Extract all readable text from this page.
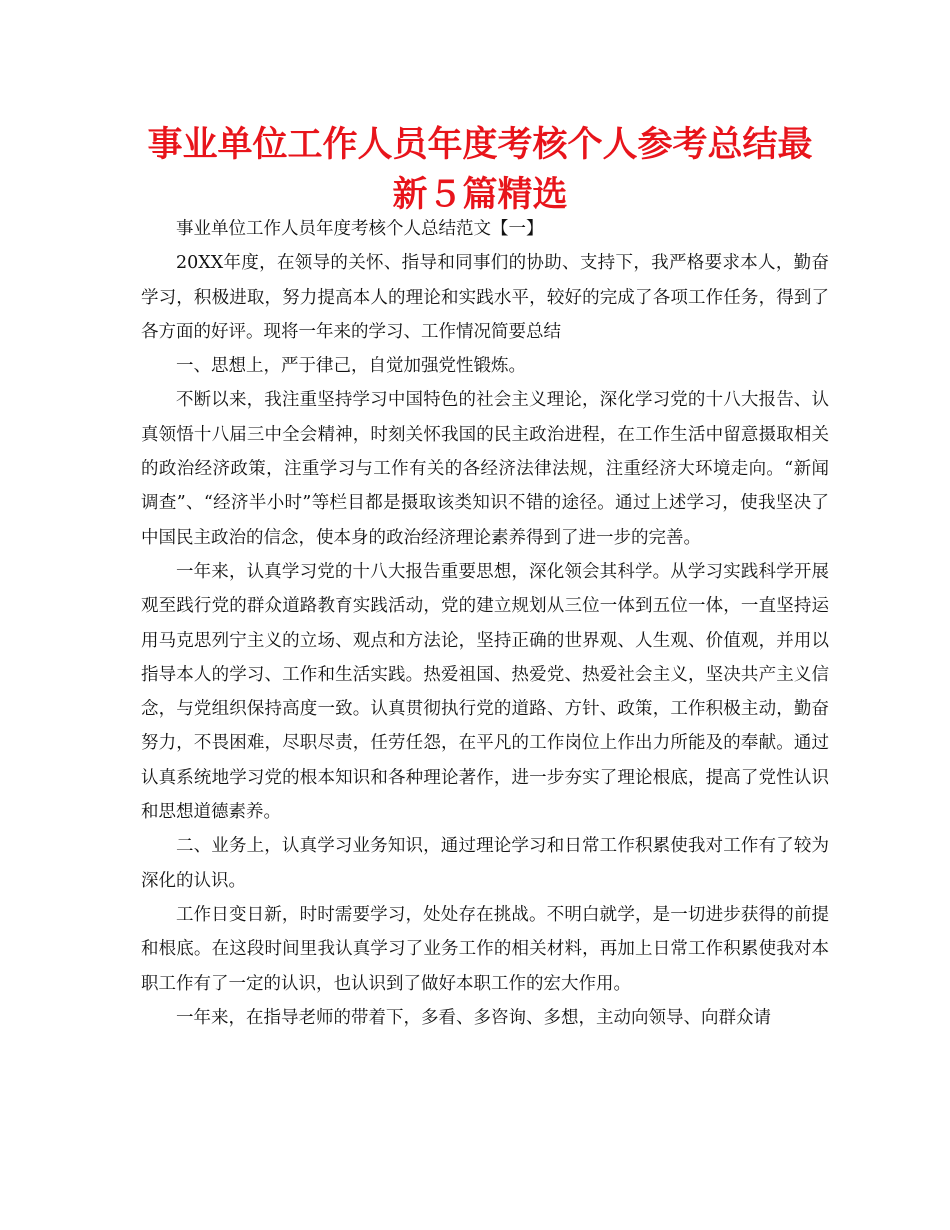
事业单位工作人员年度考核个人参考总结最新５篇精选

事业单位工作人员年度考核个人总结范文【一】

20XX年度，在领导的关怀、指导和同事们的协助、支持下，我严格要求本人，勤奋学习，积极进取，努力提高本人的理论和实践水平，较好的完成了各项工作任务，得到了各方面的好评。现将一年来的学习、工作情况简要总结

一、思想上，严于律己，自觉加强党性锻炼。

不断以来，我注重坚持学习中国特色的社会主义理论，深化学习党的十八大报告、认真领悟十八届三中全会精神，时刻关怀我国的民主政治进程，在工作生活中留意摄取相关的政治经济政策，注重学习与工作有关的各经济法律法规，注重经济大环境走向。“新闻调查”、“经济半小时”等栏目都是摄取该类知识不错的途径。通过上述学习，使我坚决了中国民主政治的信念，使本身的政治经济理论素养得到了进一步的完善。

一年来，认真学习党的十八大报告重要思想，深化领会其科学。从学习实践科学开展观至践行党的群众道路教育实践活动，党的建立规划从三位一体到五位一体，一直坚持运用马克思列宁主义的立场、观点和方法论，坚持正确的世界观、人生观、价值观，并用以指导本人的学习、工作和生活实践。热爱祖国、热爱党、热爱社会主义，坚决共产主义信念，与党组织保持高度一致。认真贯彻执行党的道路、方针、政策，工作积极主动，勤奋努力，不畏困难，尽职尽责，任劳任怨，在平凡的工作岗位上作出力所能及的奉献。通过认真系统地学习党的根本知识和各种理论著作，进一步夯实了理论根底，提高了党性认识和思想道德素养。

二、业务上，认真学习业务知识，通过理论学习和日常工作积累使我对工作有了较为深化的认识。

工作日变日新，时时需要学习，处处存在挑战。不明白就学，是一切进步获得的前提和根底。在这段时间里我认真学习了业务工作的相关材料，再加上日常工作积累使我对本职工作有了一定的认识，也认识到了做好本职工作的宏大作用。

一年来，在指导老师的带着下，多看、多咨询、多想，主动向领导、向群众请
